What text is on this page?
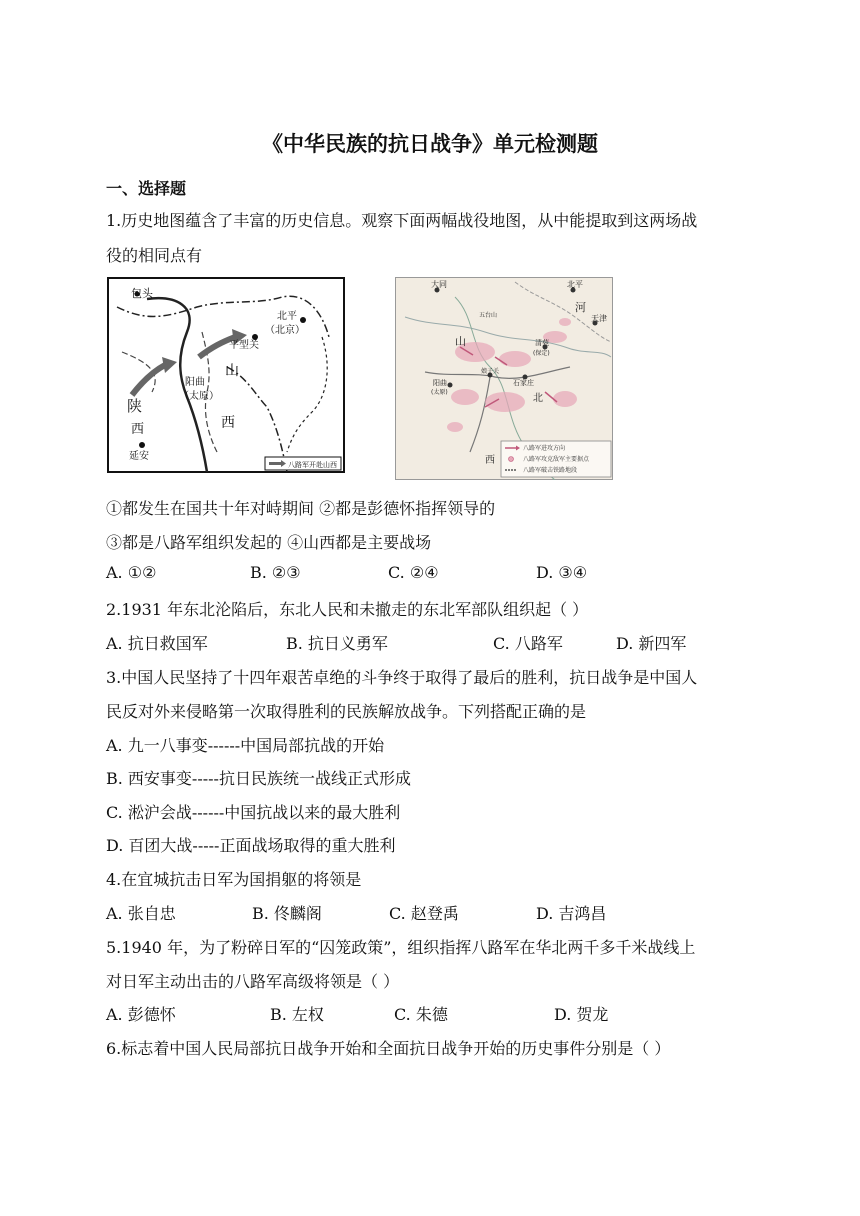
《中华民族的抗日战争》单元检测题
一、选择题
1.历史地图蕴含了丰富的历史信息。观察下面两幅战役地图，从中能提取到这两场战
役的相同点有
包头
北平
（北京）
平型关
山
阳曲
（太原）
陕
西	西
延安
八路军开赴山西
大同	北平
河
天津
五台山
山	清苑
(保定)
娘子关
石家庄
阳曲
(太原)
北
西
八路军进攻方向
八路军攻克敌军主要据点
八路军破击铁路地段
①都发生在国共十年对峙期间 ②都是彭德怀指挥领导的
③都是八路军组织发起的 ④山西都是主要战场
A. ①②	B. ②③	C. ②④	D. ③④
2.1931 年东北沦陷后，东北人民和未撤走的东北军部队组织起（ ）
A. 抗日救国军	B. 抗日义勇军	C. 八路军	D. 新四军
3.中国人民坚持了十四年艰苦卓绝的斗争终于取得了最后的胜利，抗日战争是中国人
民反对外来侵略第一次取得胜利的民族解放战争。下列搭配正确的是
A. 九一八事变------中国局部抗战的开始
B. 西安事变-----抗日民族统一战线正式形成
C. 淞沪会战------中国抗战以来的最大胜利
D. 百团大战-----正面战场取得的重大胜利
4.在宜城抗击日军为国捐躯的将领是
A. 张自忠	B. 佟麟阁	C. 赵登禹	D. 吉鸿昌
5.1940 年，为了粉碎日军的“囚笼政策”，组织指挥八路军在华北两千多千米战线上
对日军主动出击的八路军高级将领是（ ）
A. 彭德怀	B. 左权	C. 朱德	D. 贺龙
6.标志着中国人民局部抗日战争开始和全面抗日战争开始的历史事件分别是（ ）
